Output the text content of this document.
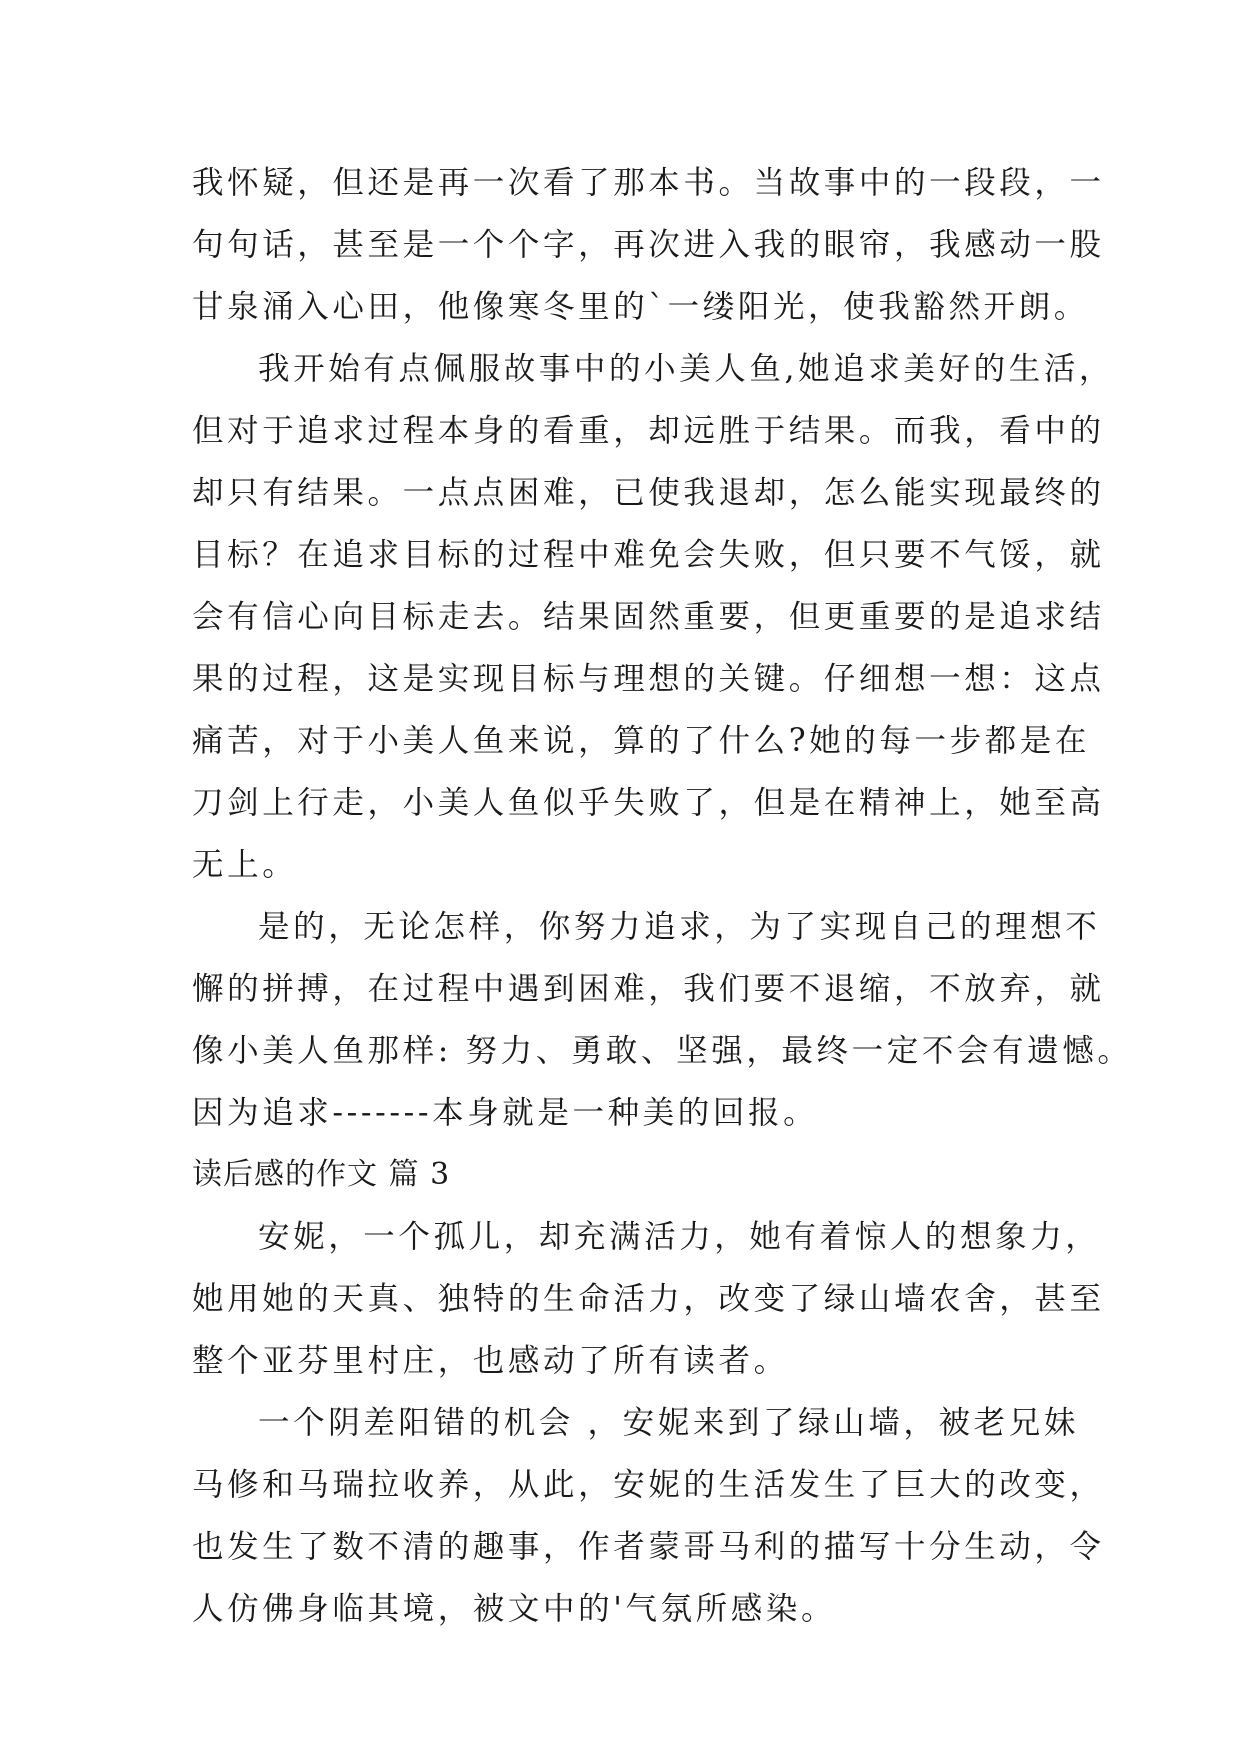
我怀疑，但还是再一次看了那本书。当故事中的一段段，一
句句话，甚至是一个个字，再次进入我的眼帘，我感动一股
甘泉涌入心田，他像寒冬里的`一缕阳光，使我豁然开朗。
我开始有点佩服故事中的小美人鱼,她追求美好的生活，
但对于追求过程本身的看重，却远胜于结果。而我，看中的
却只有结果。一点点困难，已使我退却，怎么能实现最终的
目标？在追求目标的过程中难免会失败，但只要不气馁，就
会有信心向目标走去。结果固然重要，但更重要的是追求结
果的过程，这是实现目标与理想的关键。仔细想一想：这点
痛苦，对于小美人鱼来说，算的了什么?她的每一步都是在
刀剑上行走，小美人鱼似乎失败了，但是在精神上，她至高
无上。
是的，无论怎样，你努力追求，为了实现自己的理想不
懈的拼搏，在过程中遇到困难，我们要不退缩，不放弃，就
像小美人鱼那样: 努力、勇敢、坚强，最终一定不会有遗憾。
因为追求-------本身就是一种美的回报。
读后感的作文 篇 3
安妮，一个孤儿，却充满活力，她有着惊人的想象力，
她用她的天真、独特的生命活力，改变了绿山墙农舍，甚至
整个亚芬里村庄，也感动了所有读者。
一个阴差阳错的机会 ，安妮来到了绿山墙，被老兄妹
马修和马瑞拉收养，从此，安妮的生活发生了巨大的改变，
也发生了数不清的趣事，作者蒙哥马利的描写十分生动，令
人仿佛身临其境，被文中的'气氛所感染。
